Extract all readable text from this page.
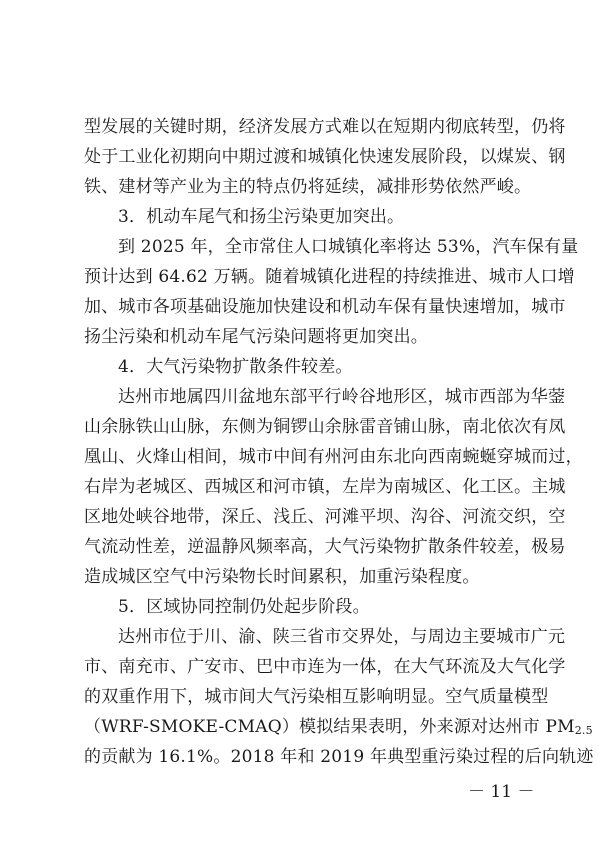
型发展的关键时期，经济发展方式难以在短期内彻底转型，仍将
处于工业化初期向中期过渡和城镇化快速发展阶段，以煤炭、钢
铁、建材等产业为主的特点仍将延续，减排形势依然严峻。
3．机动车尾气和扬尘污染更加突出。
到 2025 年，全市常住人口城镇化率将达 53%，汽车保有量
预计达到 64.62 万辆。随着城镇化进程的持续推进、城市人口增
加、城市各项基础设施加快建设和机动车保有量快速增加，城市
扬尘污染和机动车尾气污染问题将更加突出。
4．大气污染物扩散条件较差。
达州市地属四川盆地东部平行岭谷地形区，城市西部为华蓥
山余脉铁山山脉，东侧为铜锣山余脉雷音铺山脉，南北依次有凤
凰山、火烽山相间，城市中间有州河由东北向西南蜿蜒穿城而过，
右岸为老城区、西城区和河市镇，左岸为南城区、化工区。主城
区地处峡谷地带，深丘、浅丘、河滩平坝、沟谷、河流交织，空
气流动性差，逆温静风频率高，大气污染物扩散条件较差，极易
造成城区空气中污染物长时间累积，加重污染程度。
5．区域协同控制仍处起步阶段。
达州市位于川、渝、陕三省市交界处，与周边主要城市广元
市、南充市、广安市、巴中市连为一体，在大气环流及大气化学
的双重作用下，城市间大气污染相互影响明显。空气质量模型
（WRF-SMOKE-CMAQ）模拟结果表明，外来源对达州市 PM2.5
的贡献为 16.1%。2018 年和 2019 年典型重污染过程的后向轨迹
－ 11 －
